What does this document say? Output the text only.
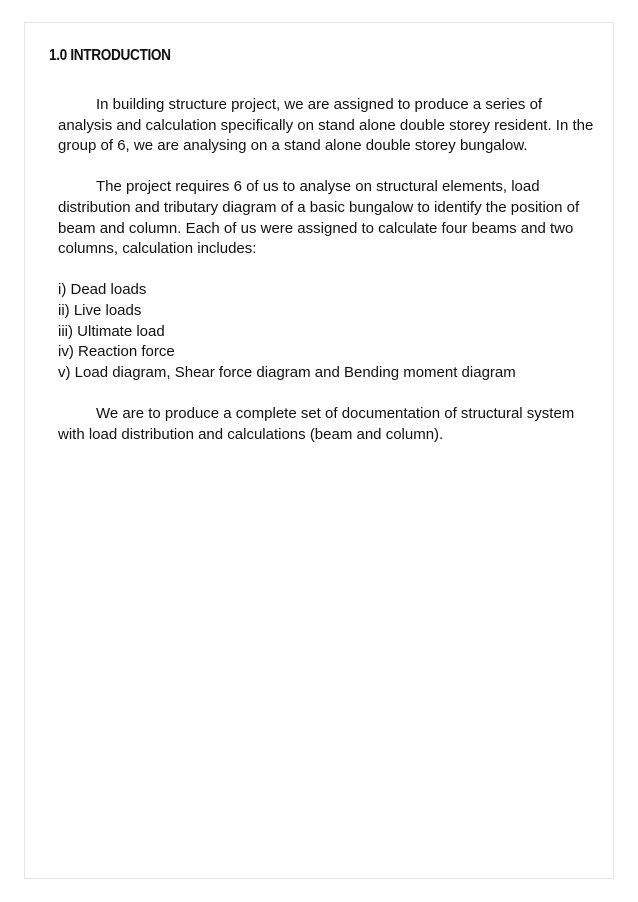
1.0 INTRODUCTION

In building structure project, we are assigned to produce a series of analysis and calculation specifically on stand alone double storey resident. In the group of 6, we are analysing on a stand alone double storey bungalow.

The project requires 6 of us to analyse on structural elements, load distribution and tributary diagram of a basic bungalow to identify the position of beam and column. Each of us were assigned to calculate four beams and two columns, calculation includes:

i) Dead loads
ii) Live loads
iii) Ultimate load
iv) Reaction force
v) Load diagram, Shear force diagram and Bending moment diagram

We are to produce a complete set of documentation of structural system with load distribution and calculations (beam and column).
